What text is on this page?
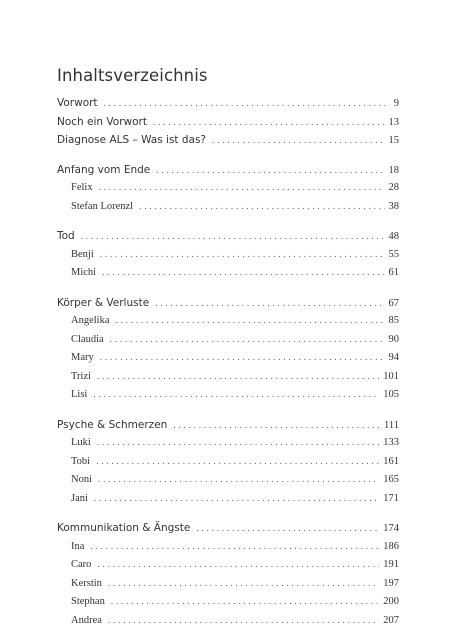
Inhaltsverzeichnis
Vorwort . . .	9
Noch ein Vorwort . . .	13
Diagnose ALS – Was ist das? . . .	15
Anfang vom Ende . . .	18
Felix . . .	28
Stefan Lorenzl . . .	38
Tod . . .	48
Benji . . .	55
Michi . . .	61
Körper & Verluste . . .	67
Angelika . . .	85
Claudia . . .	90
Mary . . .	94
Trizi . . .	101
Lisi . . .	105
Psyche & Schmerzen . . .	111
Luki . . .	133
Tobi . . .	161
Noni . . .	165
Jani . . .	171
Kommunikation & Ängste . . .	174
Ina . . .	186
Caro . . .	191
Kerstin . . .	197
Stephan . . .	200
Andrea . . .	207
